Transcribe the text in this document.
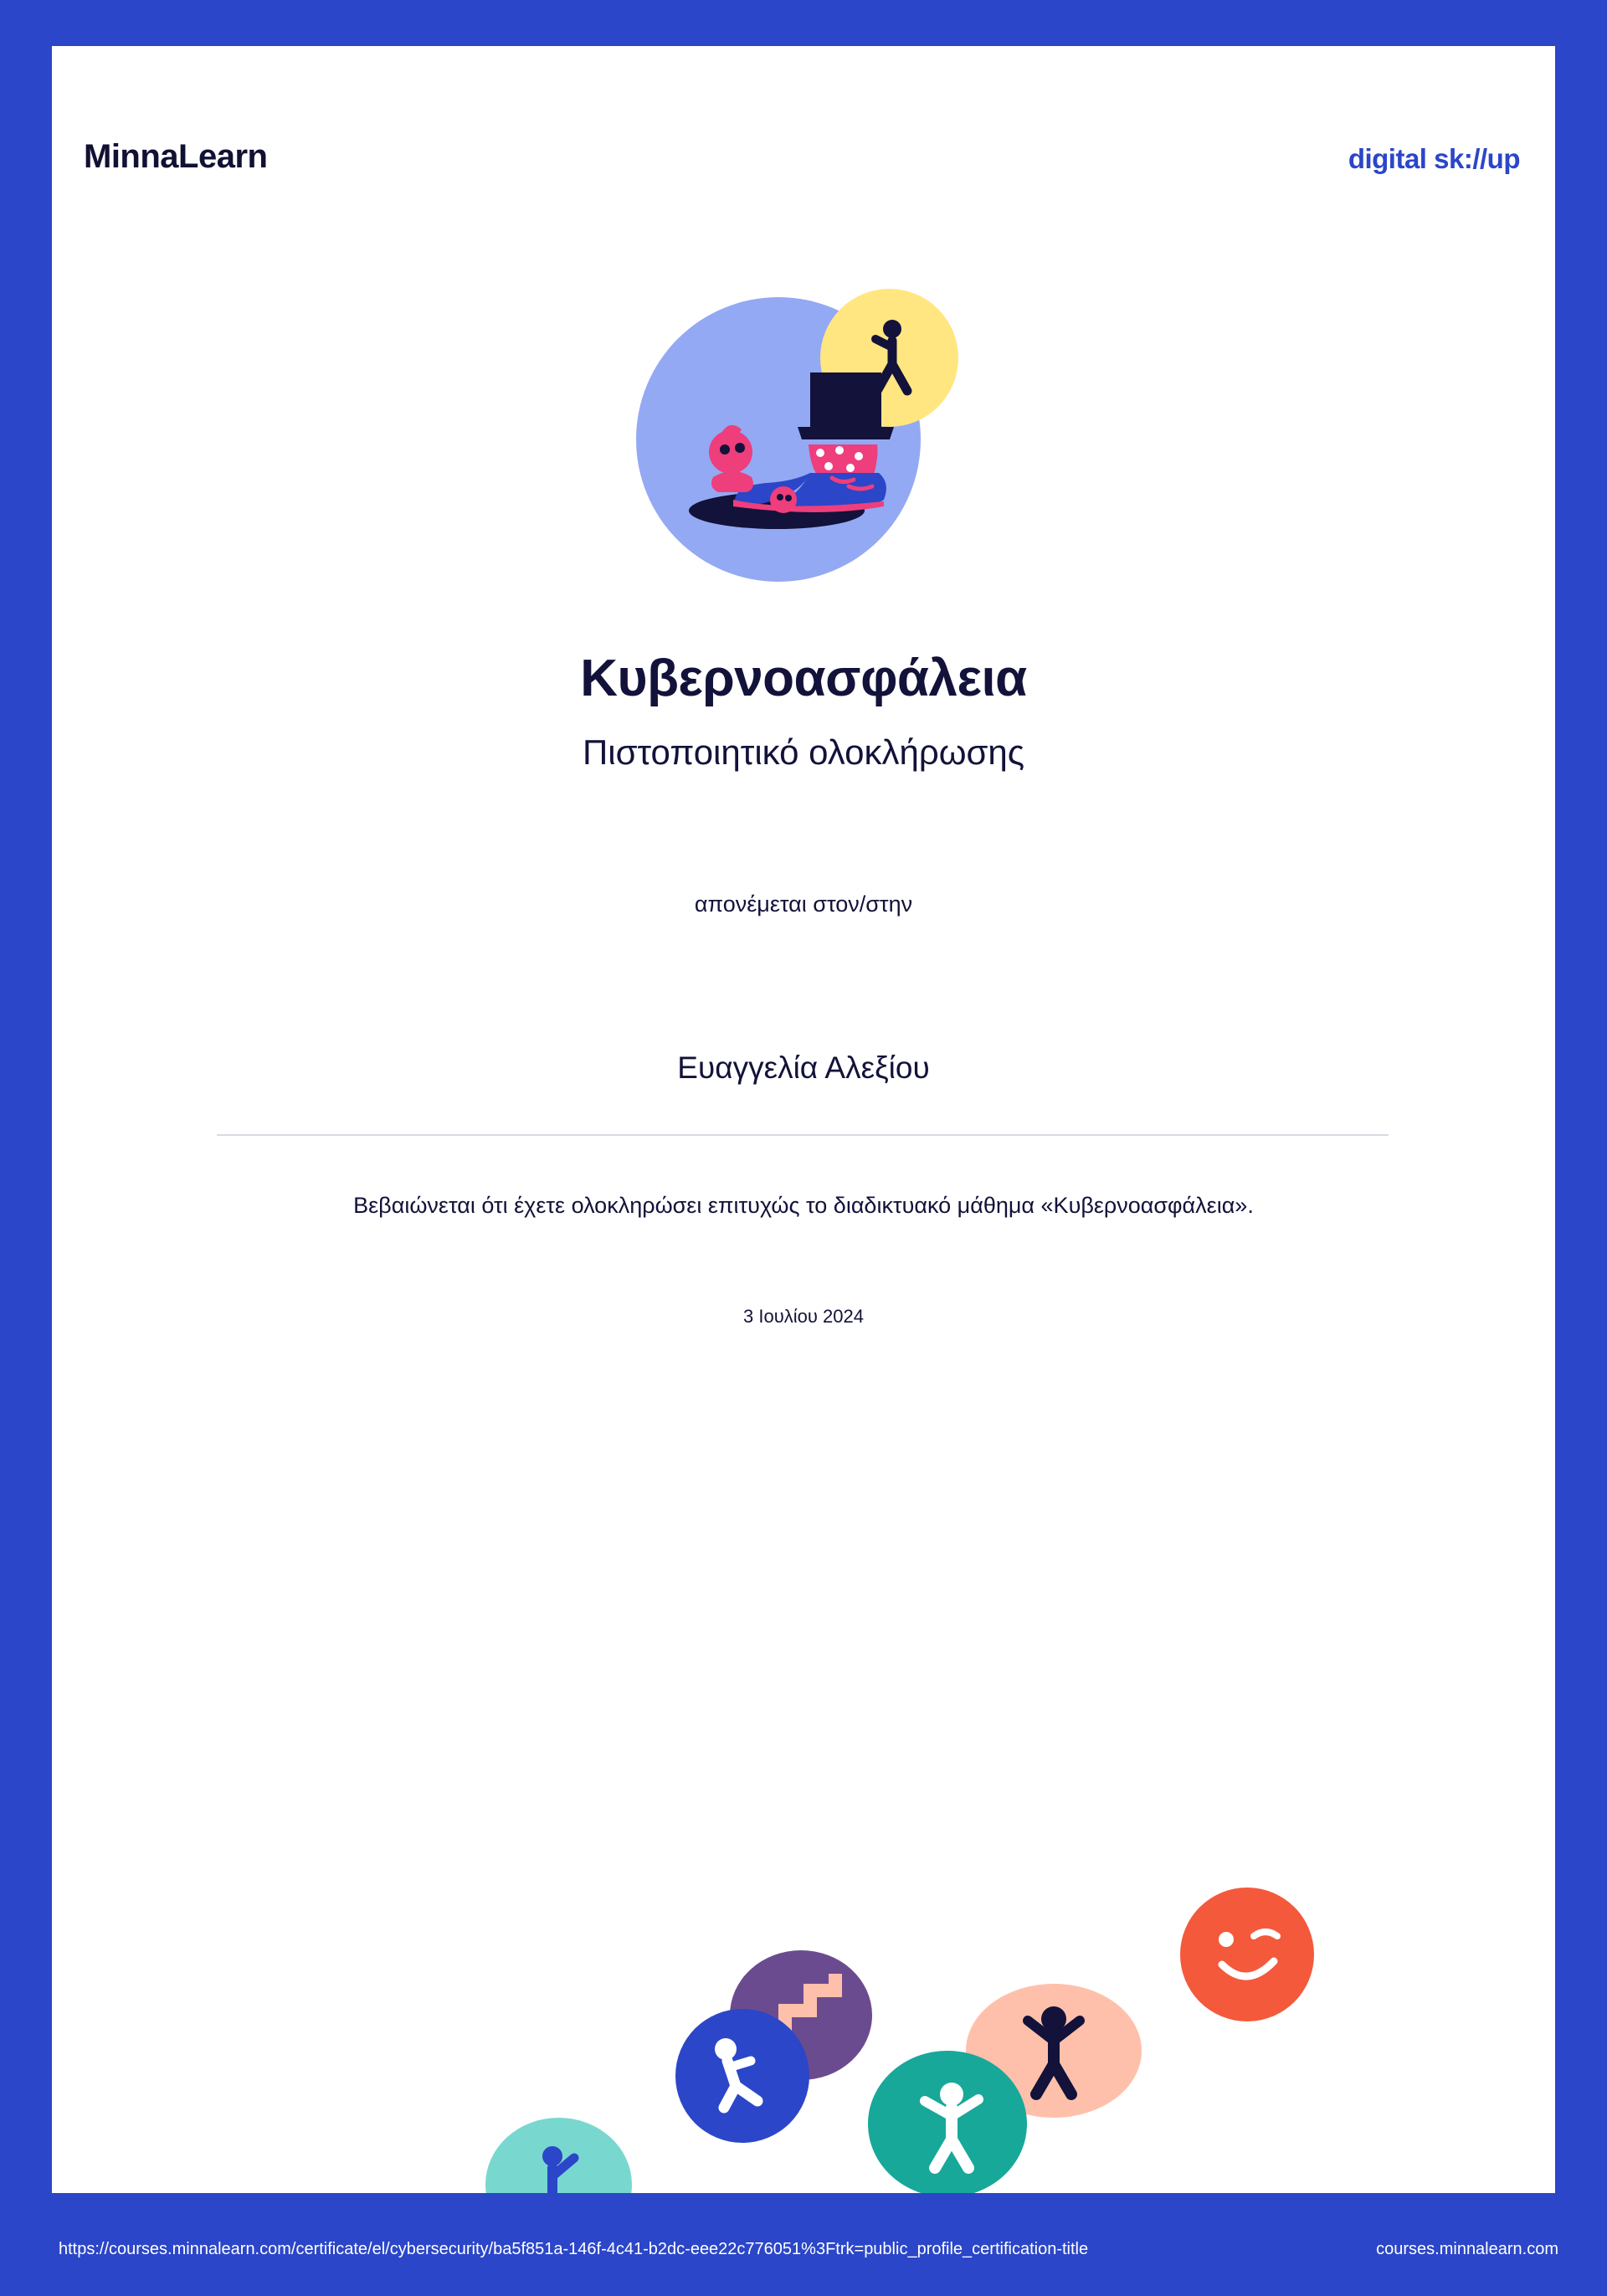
MinnaLearn	digital sk://up
Κυβερνοασφάλεια
Πιστοποιητικό ολοκλήρωσης
απονέμεται στον/στην
Ευαγγελία Αλεξίου
Βεβαιώνεται ότι έχετε ολοκληρώσει επιτυχώς το διαδικτυακό μάθημα «Κυβερνοασφάλεια».
3 Ιουλίου 2024
https://courses.minnalearn.com/certificate/el/cybersecurity/ba5f851a-146f-4c41-b2dc-eee22c776051%3Ftrk=public_profile_certification-title	courses.minnalearn.com
